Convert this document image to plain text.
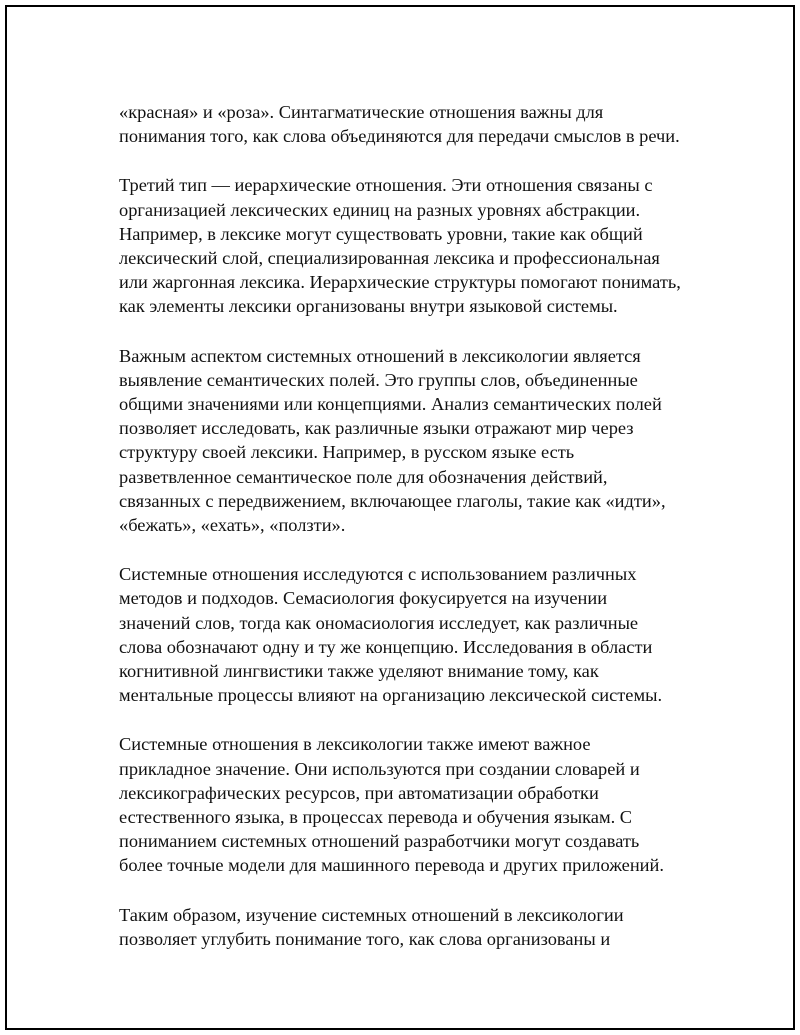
«красная» и «роза». Синтагматические отношения важны для
понимания того, как слова объединяются для передачи смыслов в речи.

Третий тип — иерархические отношения. Эти отношения связаны с
организацией лексических единиц на разных уровнях абстракции.
Например, в лексике могут существовать уровни, такие как общий
лексический слой, специализированная лексика и профессиональная
или жаргонная лексика. Иерархические структуры помогают понимать,
как элементы лексики организованы внутри языковой системы.

Важным аспектом системных отношений в лексикологии является
выявление семантических полей. Это группы слов, объединенные
общими значениями или концепциями. Анализ семантических полей
позволяет исследовать, как различные языки отражают мир через
структуру своей лексики. Например, в русском языке есть
разветвленное семантическое поле для обозначения действий,
связанных с передвижением, включающее глаголы, такие как «идти»,
«бежать», «ехать», «ползти».

Системные отношения исследуются с использованием различных
методов и подходов. Семасиология фокусируется на изучении
значений слов, тогда как ономасиология исследует, как различные
слова обозначают одну и ту же концепцию. Исследования в области
когнитивной лингвистики также уделяют внимание тому, как
ментальные процессы влияют на организацию лексической системы.

Системные отношения в лексикологии также имеют важное
прикладное значение. Они используются при создании словарей и
лексикографических ресурсов, при автоматизации обработки
естественного языка, в процессах перевода и обучения языкам. С
пониманием системных отношений разработчики могут создавать
более точные модели для машинного перевода и других приложений.

Таким образом, изучение системных отношений в лексикологии
позволяет углубить понимание того, как слова организованы и
